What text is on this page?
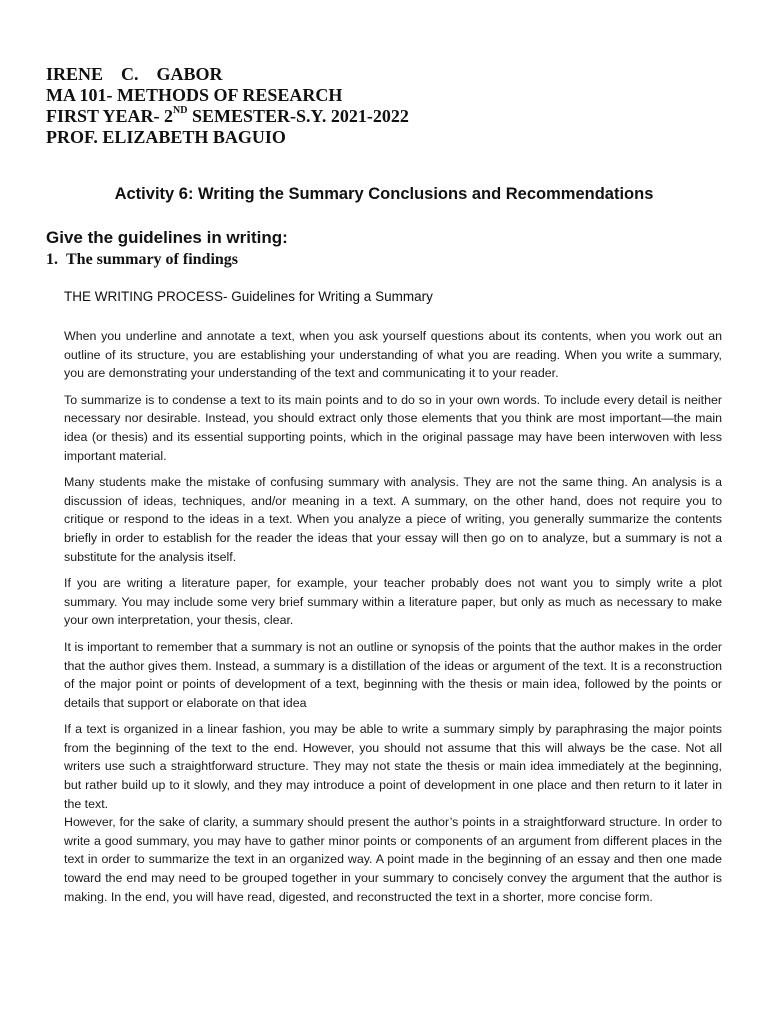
IRENE    C.    GABOR
MA 101- METHODS OF RESEARCH
FIRST YEAR- 2ND SEMESTER-S.Y. 2021-2022
PROF. ELIZABETH BAGUIO
Activity 6: Writing the Summary Conclusions and Recommendations
Give the guidelines in writing:
1. The summary of findings
THE WRITING PROCESS- Guidelines for Writing a Summary

When you underline and annotate a text, when you ask yourself questions about its contents, when you work out an outline of its structure, you are establishing your understanding of what you are reading. When you write a summary, you are demonstrating your understanding of the text and communicating it to your reader.

To summarize is to condense a text to its main points and to do so in your own words. To include every detail is neither necessary nor desirable. Instead, you should extract only those elements that you think are most important—the main idea (or thesis) and its essential supporting points, which in the original passage may have been interwoven with less important material.

Many students make the mistake of confusing summary with analysis. They are not the same thing. An analysis is a discussion of ideas, techniques, and/or meaning in a text. A summary, on the other hand, does not require you to critique or respond to the ideas in a text. When you analyze a piece of writing, you generally summarize the contents briefly in order to establish for the reader the ideas that your essay will then go on to analyze, but a summary is not a substitute for the analysis itself.

If you are writing a literature paper, for example, your teacher probably does not want you to simply write a plot summary. You may include some very brief summary within a literature paper, but only as much as necessary to make your own interpretation, your thesis, clear.

It is important to remember that a summary is not an outline or synopsis of the points that the author makes in the order that the author gives them. Instead, a summary is a distillation of the ideas or argument of the text. It is a reconstruction of the major point or points of development of a text, beginning with the thesis or main idea, followed by the points or details that support or elaborate on that idea

If a text is organized in a linear fashion, you may be able to write a summary simply by paraphrasing the major points from the beginning of the text to the end. However, you should not assume that this will always be the case. Not all writers use such a straightforward structure. They may not state the thesis or main idea immediately at the beginning, but rather build up to it slowly, and they may introduce a point of development in one place and then return to it later in the text.

However, for the sake of clarity, a summary should present the author’s points in a straightforward structure. In order to write a good summary, you may have to gather minor points or components of an argument from different places in the text in order to summarize the text in an organized way. A point made in the beginning of an essay and then one made toward the end may need to be grouped together in your summary to concisely convey the argument that the author is making. In the end, you will have read, digested, and reconstructed the text in a shorter, more concise form.
